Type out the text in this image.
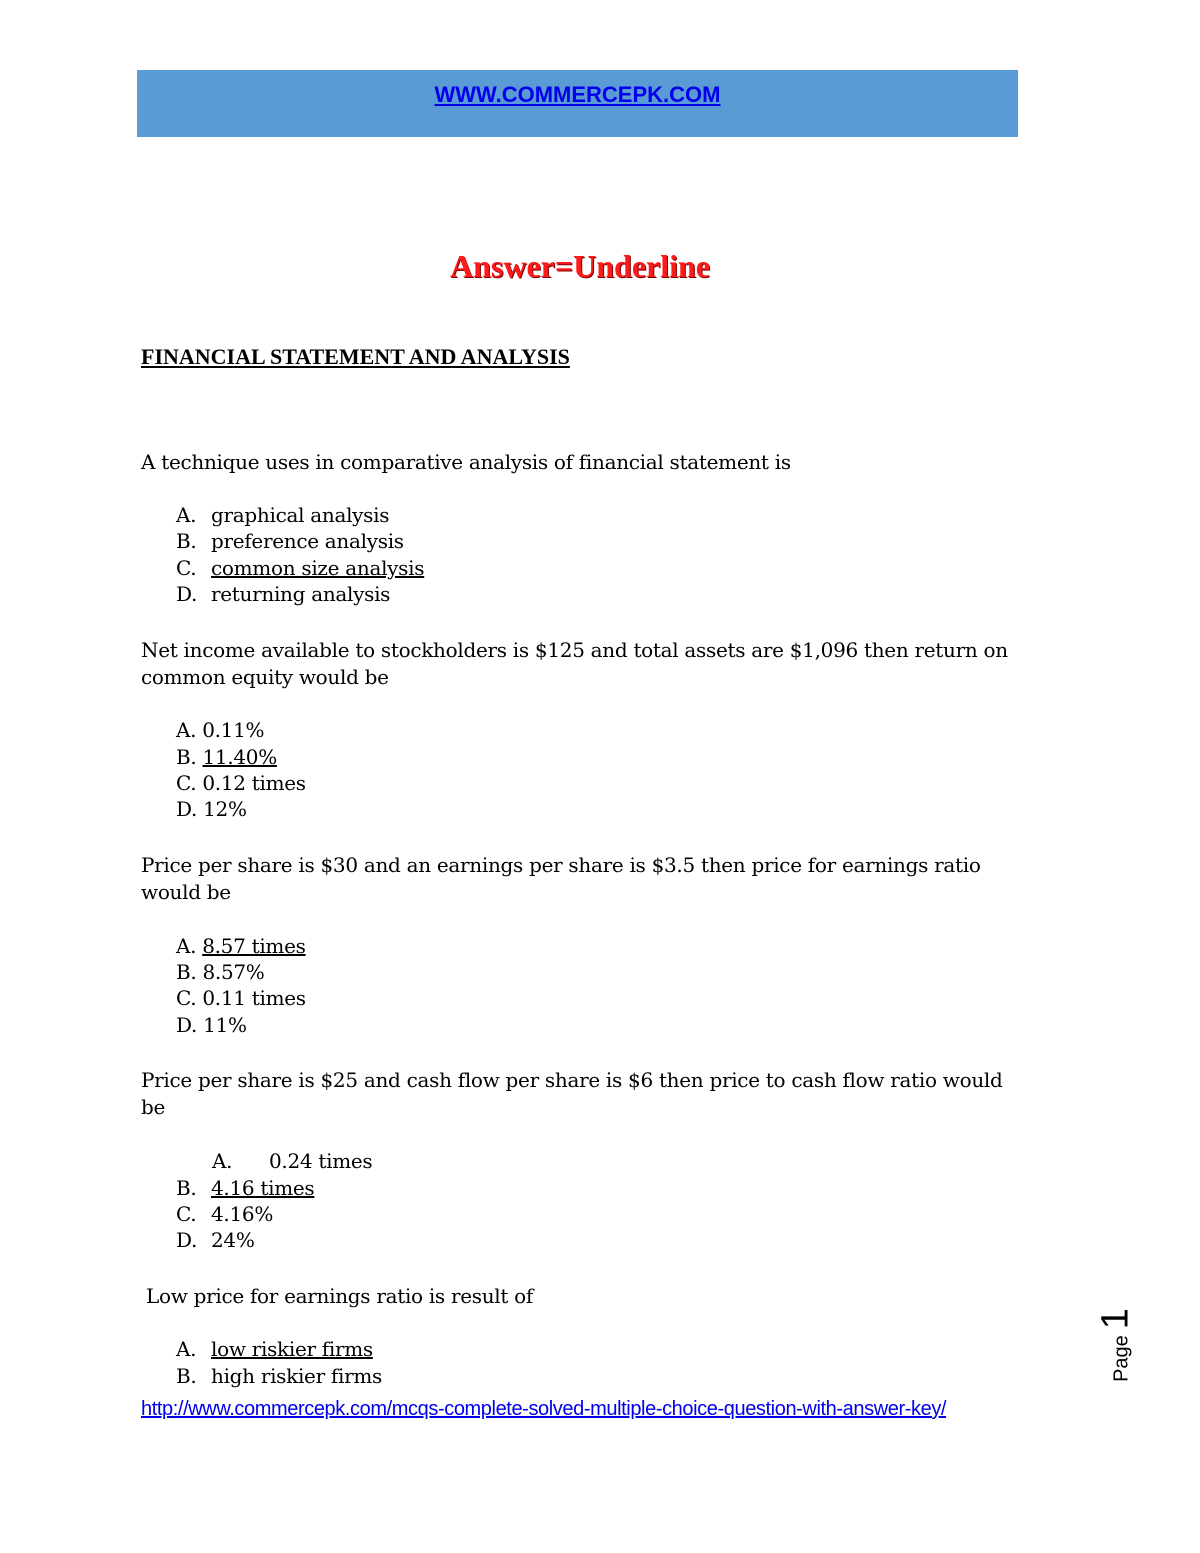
WWW.COMMERCEPK.COM
Answer=Underline
FINANCIAL STATEMENT AND ANALYSIS
A technique uses in comparative analysis of financial statement is
A. graphical analysis
B. preference analysis
C. common size analysis
D. returning analysis
Net income available to stockholders is $125 and total assets are $1,096 then return on common equity would be
A. 0.11%
B. 11.40%
C. 0.12 times
D. 12%
Price per share is $30 and an earnings per share is $3.5 then price for earnings ratio would be
A. 8.57 times
B. 8.57%
C. 0.11 times
D. 11%
Price per share is $25 and cash flow per share is $6 then price to cash flow ratio would be
A. 0.24 times
B. 4.16 times
C. 4.16%
D. 24%
Low price for earnings ratio is result of
A. low riskier firms
B. high riskier firms
http://www.commercepk.com/mcqs-complete-solved-multiple-choice-question-with-answer-key/
Page1
